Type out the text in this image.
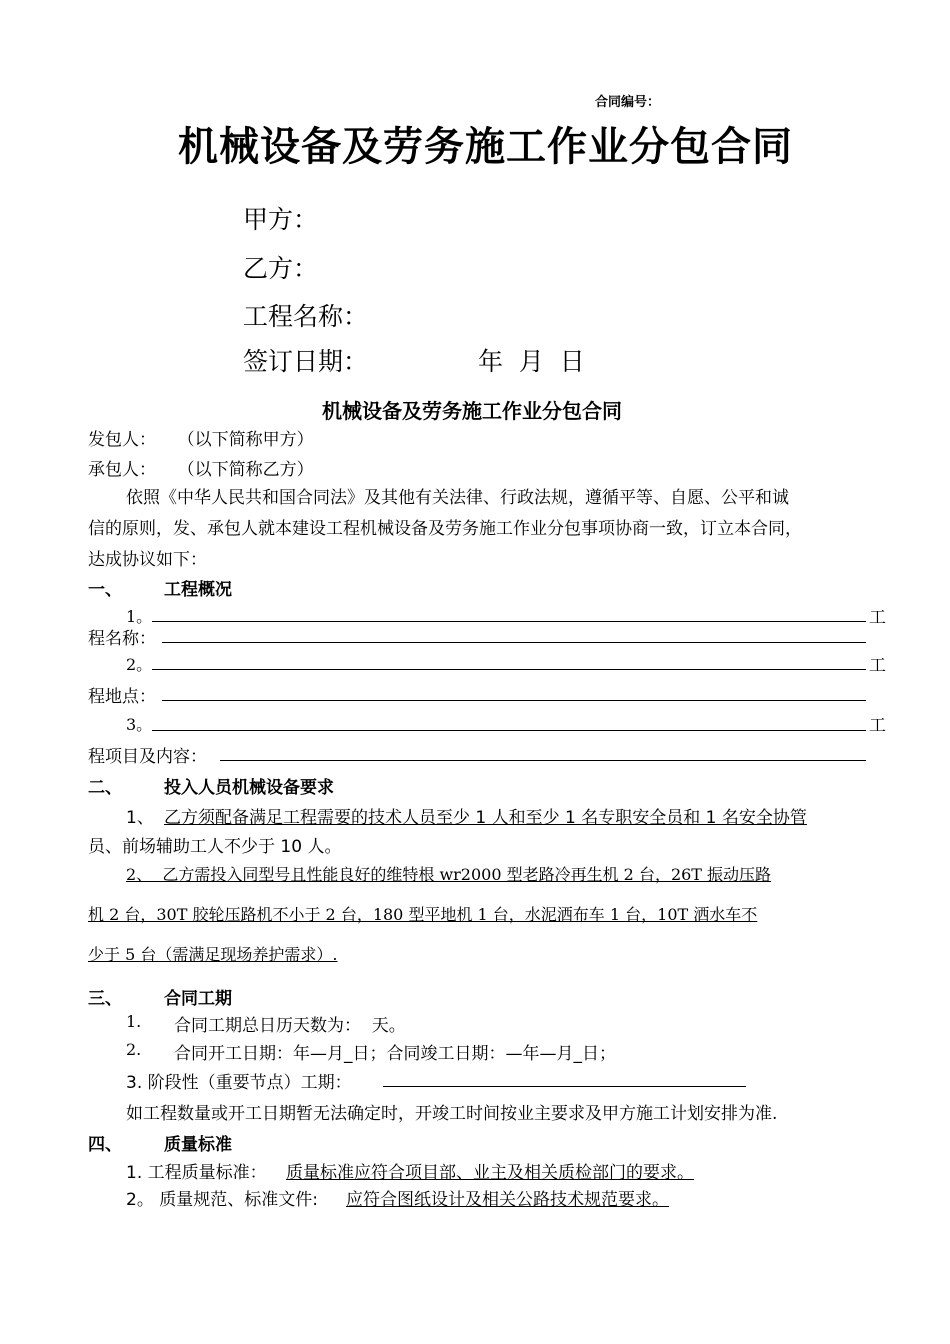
合同编号：
机械设备及劳务施工作业分包合同
甲方：
乙方：
工程名称：
签订日期：	年  月  日
机械设备及劳务施工作业分包合同
发包人：    （以下简称甲方）
承包人：    （以下简称乙方）
依照《中华人民共和国合同法》及其他有关法律、行政法规，遵循平等、自愿、公平和诚
信的原则，发、承包人就本建设工程机械设备及劳务施工作业分包事项协商一致，订立本合同，
达成协议如下：
一、 工程概况
1。	工
程名称：
2。	工
程地点：
3。	工
程项目及内容：
二、 投入人员机械设备要求
1、 乙方须配备满足工程需要的技术人员至少 1 人和至少 1 名专职安全员和 1 名安全协管
员、前场辅助工人不少于 10 人。
2、  乙方需投入同型号且性能良好的维特根 wr2000 型老路冷再生机 2 台，26T 振动压路
机 2 台，30T 胶轮压路机不小于 2 台，180 型平地机 1 台，水泥洒布车 1 台，10T 洒水车不
少于 5 台（需满足现场养护需求）.
三、 合同工期
1. 合同工期总日历天数为：  天。
2. 合同开工日期：年—月_日；合同竣工日期：—年—月_日；
3. 阶段性（重要节点）工期：
如工程数量或开工日期暂无法确定时，开竣工时间按业主要求及甲方施工计划安排为准.
四、 质量标准
1. 工程质量标准： 质量标准应符合项目部、业主及相关质检部门的要求。
2。 质量规范、标准文件: 应符合图纸设计及相关公路技术规范要求。
